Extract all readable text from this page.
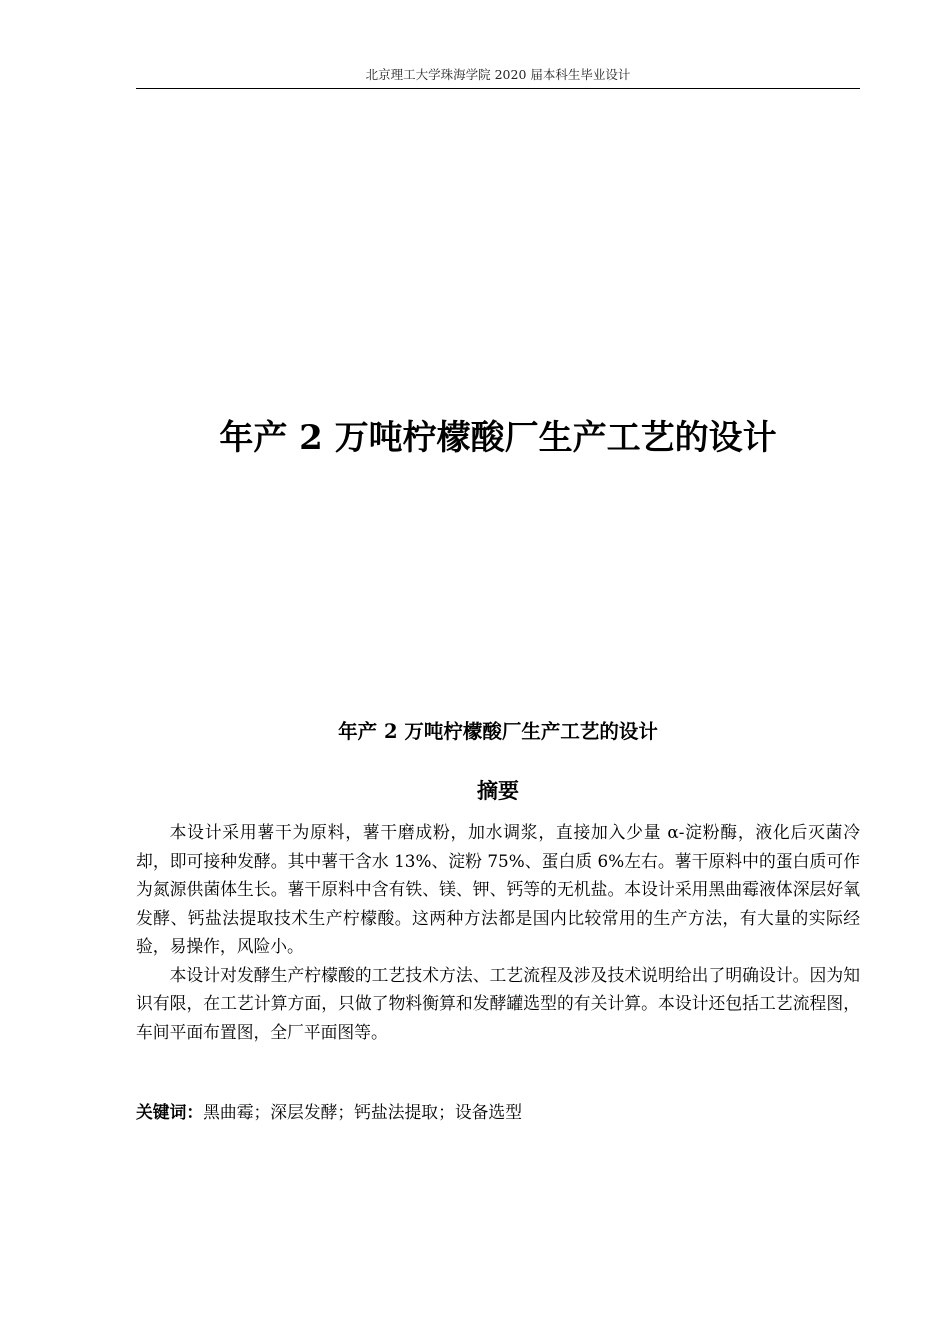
北京理工大学珠海学院 2020 届本科生毕业设计
年产 2 万吨柠檬酸厂生产工艺的设计
年产 2 万吨柠檬酸厂生产工艺的设计
摘要

本设计采用薯干为原料，薯干磨成粉，加水调浆，直接加入少量 α-淀粉酶，液化后灭菌冷却，即可接种发酵。其中薯干含水 13%、淀粉 75%、蛋白质 6%左右。薯干原料中的蛋白质可作为氮源供菌体生长。薯干原料中含有铁、镁、钾、钙等的无机盐。本设计采用黑曲霉液体深层好氧发酵、钙盐法提取技术生产柠檬酸。这两种方法都是国内比较常用的生产方法，有大量的实际经验，易操作，风险小。

本设计对发酵生产柠檬酸的工艺技术方法、工艺流程及涉及技术说明给出了明确设计。因为知识有限，在工艺计算方面，只做了物料衡算和发酵罐选型的有关计算。本设计还包括工艺流程图，车间平面布置图，全厂平面图等。

关键词：黑曲霉；深层发酵；钙盐法提取；设备选型
